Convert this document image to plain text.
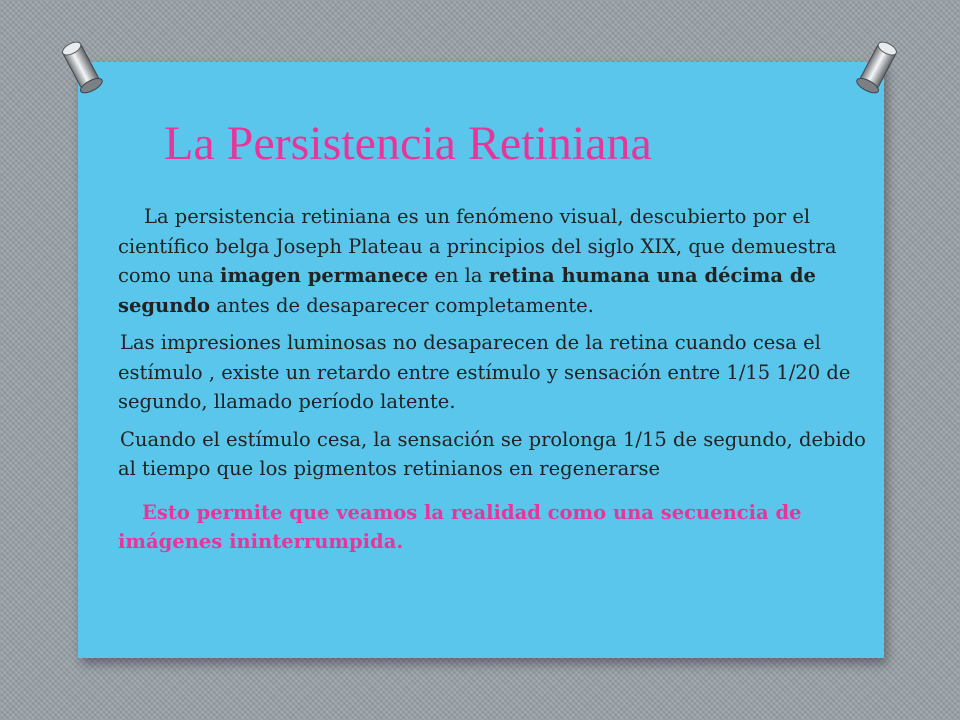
La Persistencia Retiniana

La persistencia retiniana es un fenómeno visual, descubierto por el científico belga Joseph Plateau a principios del siglo XIX, que demuestra como una imagen permanece en la retina humana una décima de segundo antes de desaparecer completamente.

Las impresiones luminosas no desaparecen de la retina cuando cesa el estímulo , existe un retardo entre estímulo y sensación entre 1/15 1/20 de segundo, llamado período latente.

Cuando el estímulo cesa, la sensación se prolonga 1/15 de segundo, debido al tiempo que los pigmentos retinianos en regenerarse

Esto permite que veamos la realidad como una secuencia de imágenes ininterrumpida.
